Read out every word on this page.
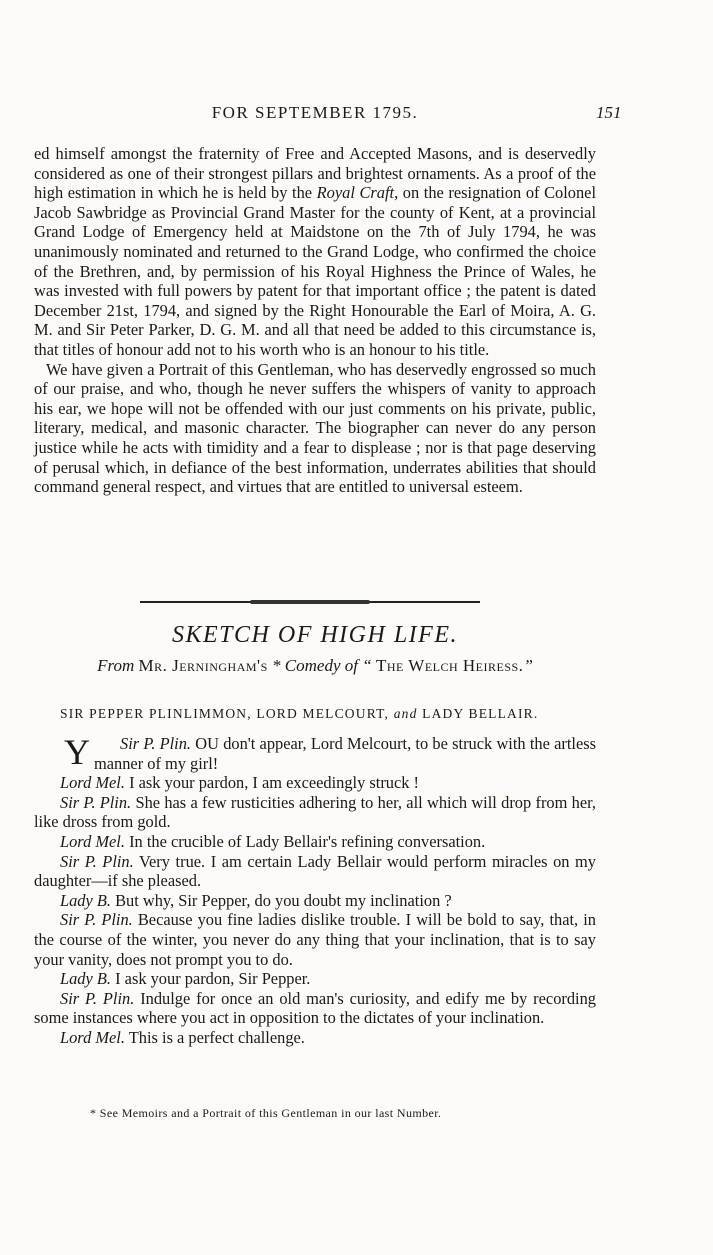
FOR SEPTEMBER 1795.	151

ed himself amongst the fraternity of Free and Accepted Masons, and is deservedly considered as one of their strongest pillars and brightest ornaments. As a proof of the high estimation in which he is held by the Royal Craft, on the resignation of Colonel Jacob Sawbridge as Provincial Grand Master for the county of Kent, at a provincial Grand Lodge of Emergency held at Maidstone on the 7th of July 1794, he was unanimously nominated and returned to the Grand Lodge, who confirmed the choice of the Brethren, and, by permission of his Royal Highness the Prince of Wales, he was invested with full powers by patent for that important office ; the patent is dated December 21st, 1794, and signed by the Right Honourable the Earl of Moira, A. G. M. and Sir Peter Parker, D. G. M. and all that need be added to this circumstance is, that titles of honour add not to his worth who is an honour to his title.

We have given a Portrait of this Gentleman, who has deservedly engrossed so much of our praise, and who, though he never suffers the whispers of vanity to approach his ear, we hope will not be offended with our just comments on his private, public, literary, medical, and masonic character. The biographer can never do any person justice while he acts with timidity and a fear to displease ; nor is that page deserving of perusal which, in defiance of the best information, underrates abilities that should command general respect, and virtues that are entitled to universal esteem.

SKETCH OF HIGH LIFE.
From Mr. Jerningham's * Comedy of “ The Welch Heiress.”
SIR PEPPER PLINLIMMON, LORD MELCOURT, and LADY BELLAIR.

Sir P. Plin.
Y	OU don't appear, Lord Melcourt, to be struck with the artless manner of my girl!

Lord Mel. I ask your pardon, I am exceedingly struck !

Sir P. Plin. She has a few rusticities adhering to her, all which will drop from her, like dross from gold.

Lord Mel. In the crucible of Lady Bellair's refining conversation.

Sir P. Plin. Very true. I am certain Lady Bellair would perform miracles on my daughter—if she pleased.

Lady B. But why, Sir Pepper, do you doubt my inclination ?

Sir P. Plin. Because you fine ladies dislike trouble. I will be bold to say, that, in the course of the winter, you never do any thing that your inclination, that is to say your vanity, does not prompt you to do.

Lady B. I ask your pardon, Sir Pepper.

Sir P. Plin. Indulge for once an old man's curiosity, and edify me by recording some instances where you act in opposition to the dictates of your inclination.

Lord Mel. This is a perfect challenge.

* See Memoirs and a Portrait of this Gentleman in our last Number.
